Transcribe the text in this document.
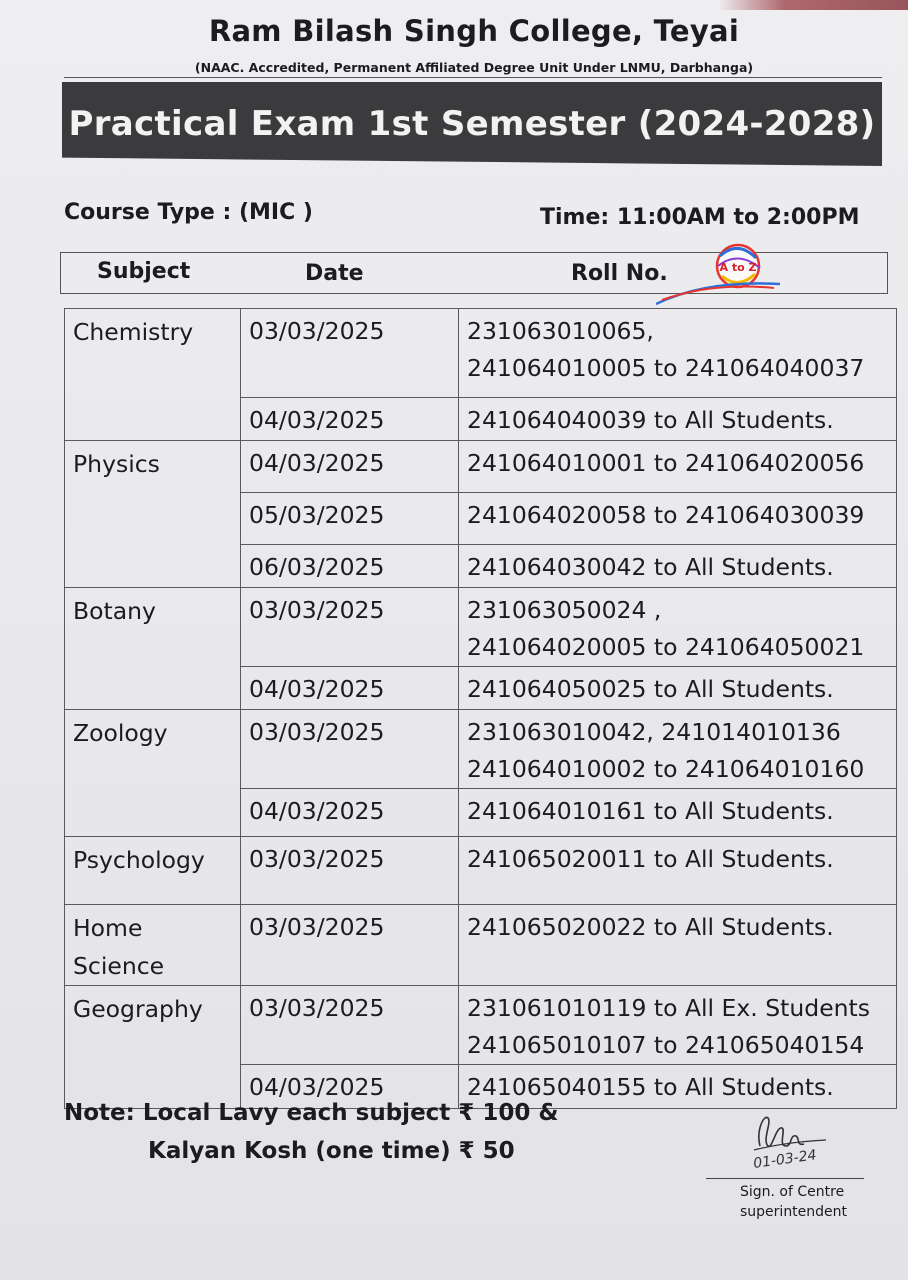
Ram Bilash Singh College, Teyai
(NAAC. Accredited, Permanent Affiliated Degree Unit Under LNMU, Darbhanga)
Practical Exam 1st Semester (2024-2028)
Course Type : (MIC )	Time: 11:00AM to 2:00PM
Subject	Date	Roll No.	A to Z
Chemistry	03/03/2025	231063010065,
241064010005 to 241064040037

	04/03/2025	241064040039 to All Students.
Physics	04/03/2025	241064010001 to 241064020056
	05/03/2025	241064020058 to 241064030039
	06/03/2025	241064030042 to All Students.
Botany	03/03/2025	231063050024 ,
241064020005 to 241064050021

	04/03/2025	241064050025 to All Students.
Zoology	03/03/2025	231063010042, 241014010136
241064010002 to 241064010160

	04/03/2025	241064010161 to All Students.
Psychology	03/03/2025	241065020011 to All Students.

Home
Science	03/03/2025	241065020022 to All Students.
Geography	03/03/2025	231061010119 to All Ex. Students
241065010107 to 241065040154

	04/03/2025	241065040155 to All Students.
Note: Local Lavy each subject ₹ 100 &
Kalyan Kosh (one time) ₹ 50	01-03-24
Sign. of Centre
superintendent
